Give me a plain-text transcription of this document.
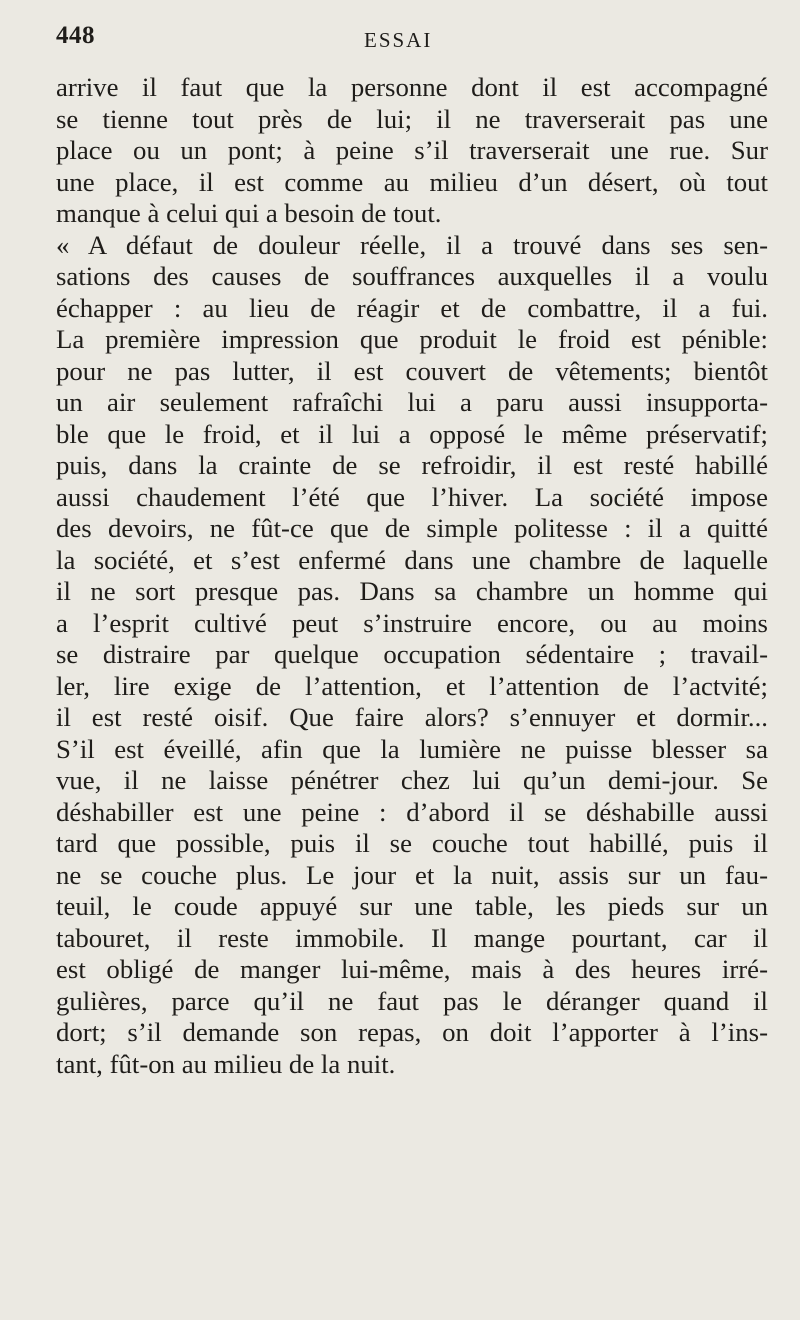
448	ESSAI
arrive il faut que la personne dont il est accompagné
se tienne tout près de lui; il ne traverserait pas une
place ou un pont; à peine s’il traverserait une rue. Sur
une place, il est comme au milieu d’un désert, où tout
manque à celui qui a besoin de tout.
« A défaut de douleur réelle, il a trouvé dans ses sen-
sations des causes de souffrances auxquelles il a voulu
échapper : au lieu de réagir et de combattre, il a fui.
La première impression que produit le froid est pénible:
pour ne pas lutter, il est couvert de vêtements; bientôt
un air seulement rafraîchi lui a paru aussi insupporta-
ble que le froid, et il lui a opposé le même préservatif;
puis, dans la crainte de se refroidir, il est resté habillé
aussi chaudement l’été que l’hiver. La société impose
des devoirs, ne fût-ce que de simple politesse : il a quitté
la société, et s’est enfermé dans une chambre de laquelle
il ne sort presque pas. Dans sa chambre un homme qui
a l’esprit cultivé peut s’instruire encore, ou au moins
se distraire par quelque occupation sédentaire ; travail-
ler, lire exige de l’attention, et l’attention de l’actvité;
il est resté oisif. Que faire alors? s’ennuyer et dormir...
S’il est éveillé, afin que la lumière ne puisse blesser sa
vue, il ne laisse pénétrer chez lui qu’un demi-jour. Se
déshabiller est une peine : d’abord il se déshabille aussi
tard que possible, puis il se couche tout habillé, puis il
ne se couche plus. Le jour et la nuit, assis sur un fau-
teuil, le coude appuyé sur une table, les pieds sur un
tabouret, il reste immobile. Il mange pourtant, car il
est obligé de manger lui-même, mais à des heures irré-
gulières, parce qu’il ne faut pas le déranger quand il
dort; s’il demande son repas, on doit l’apporter à l’ins-
tant, fût-on au milieu de la nuit.
